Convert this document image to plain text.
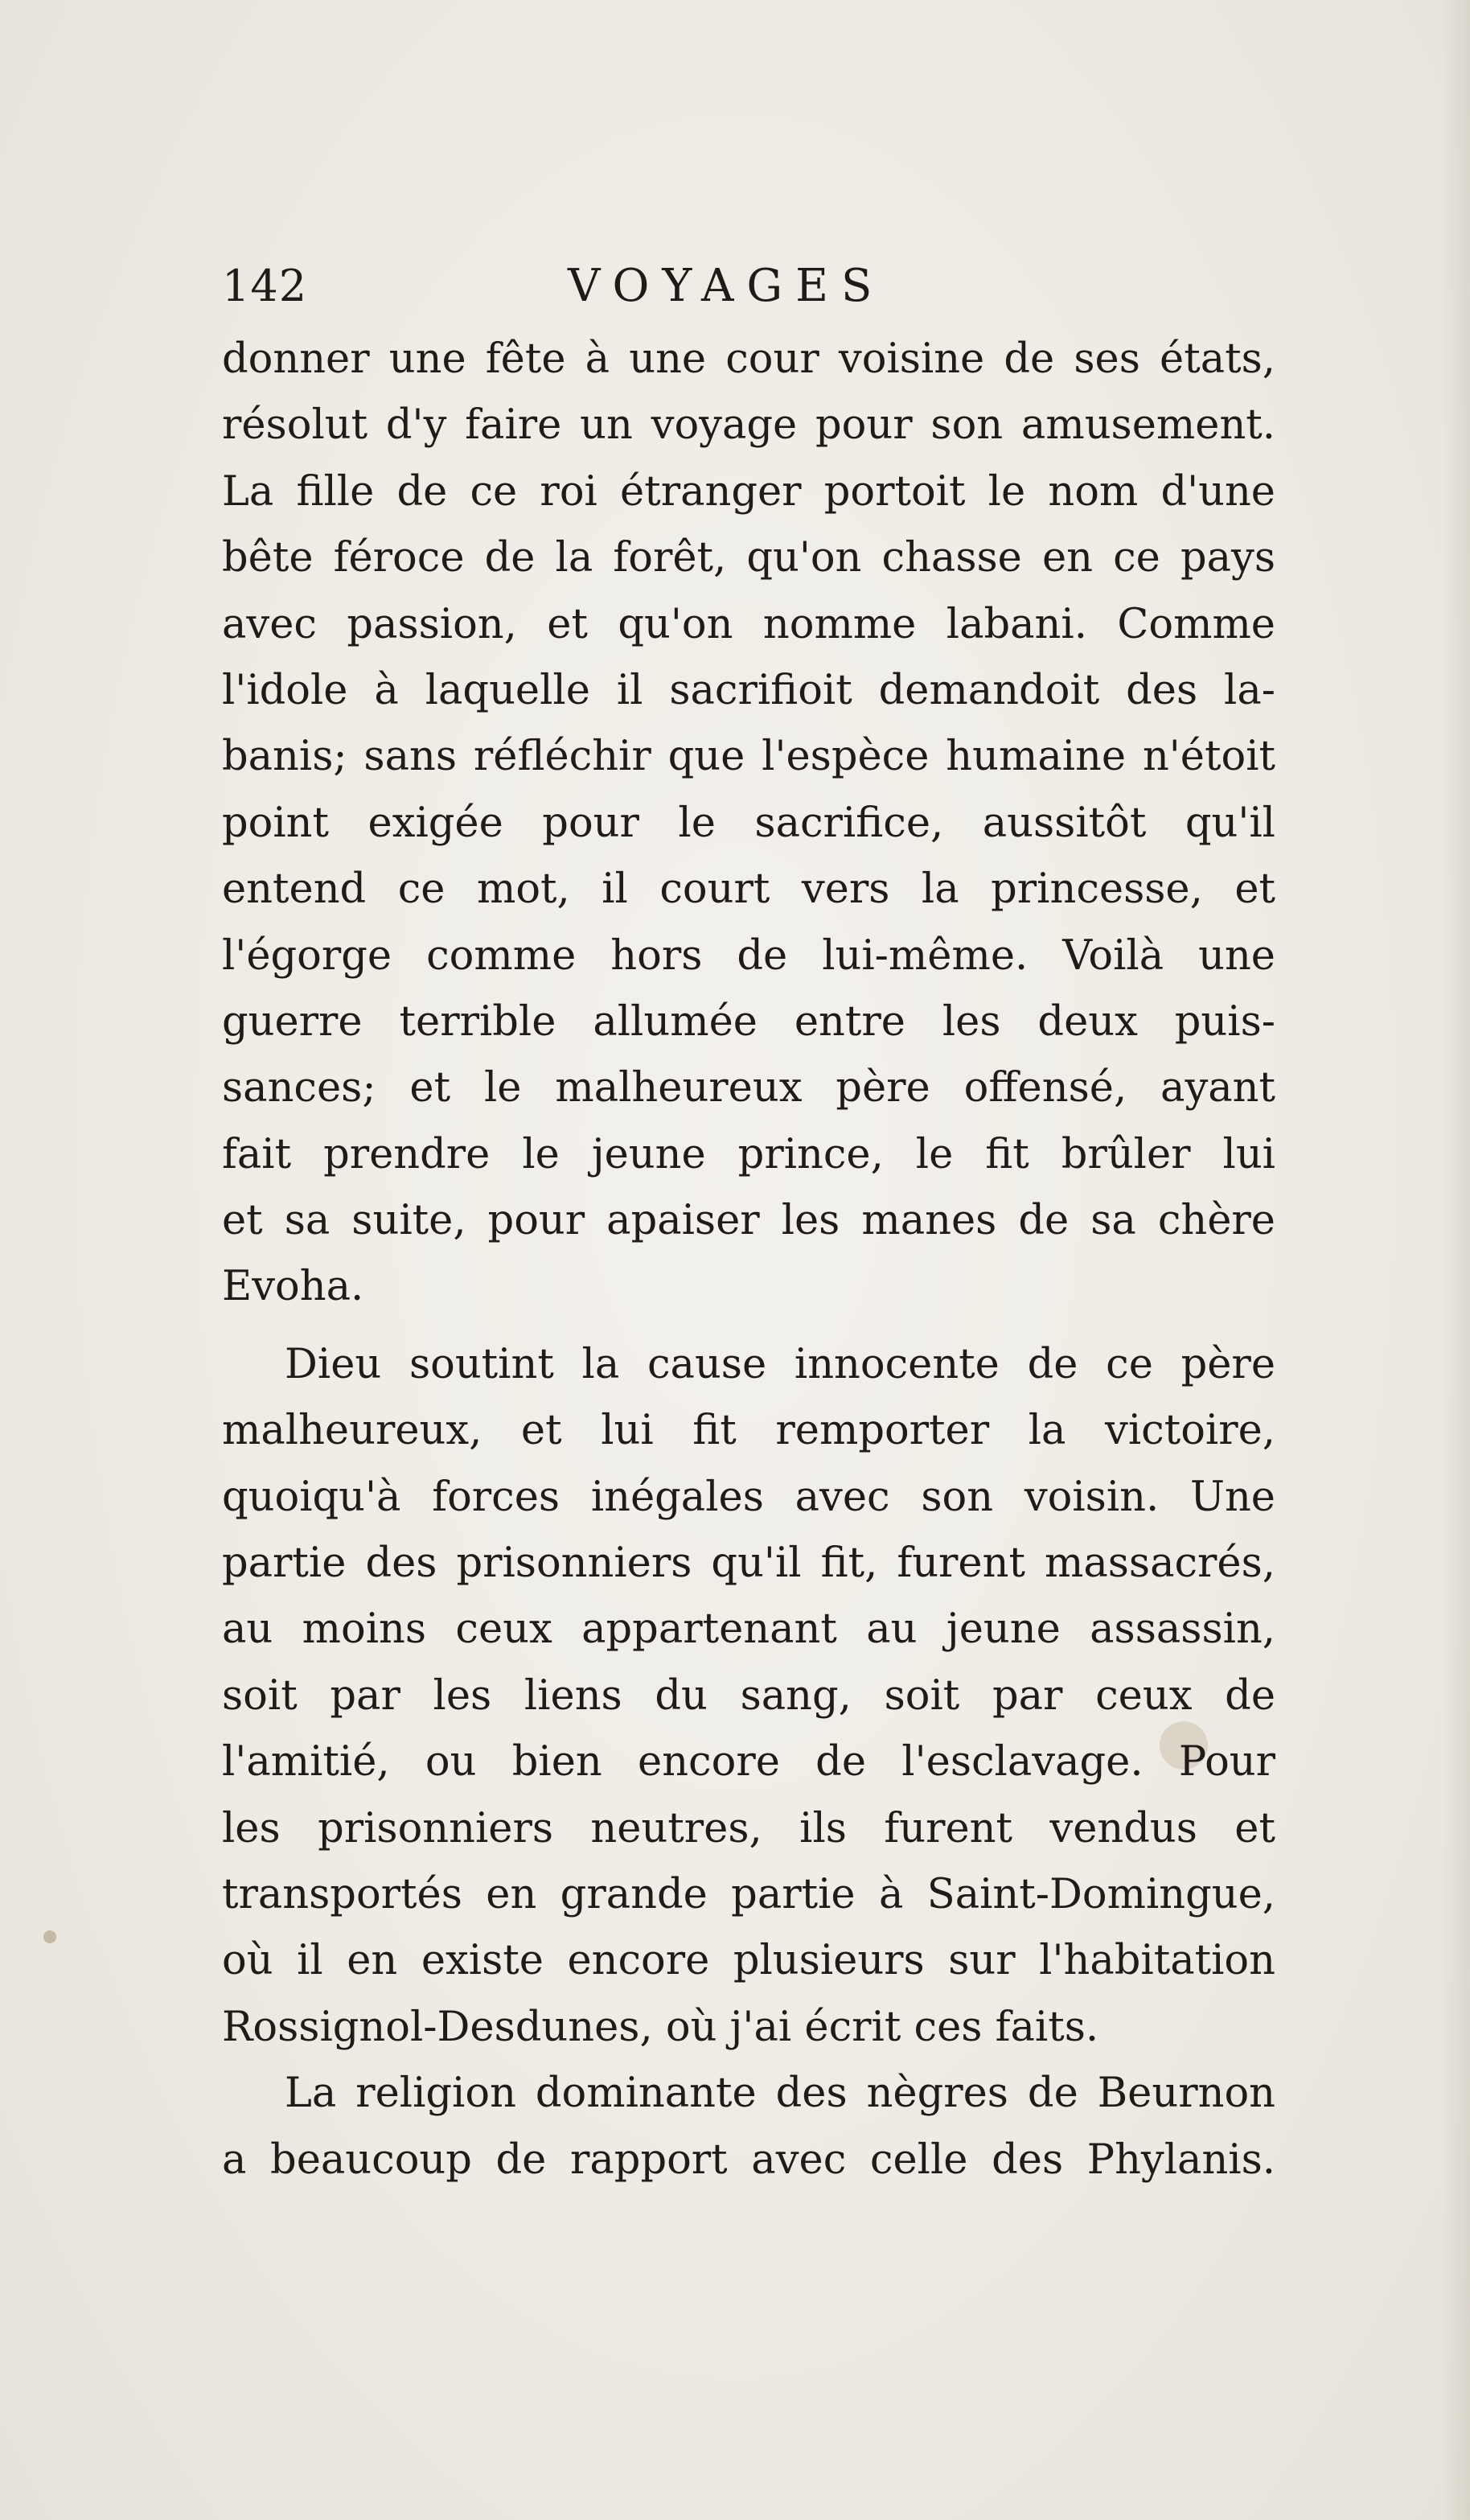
142	VOYAGES
donner une fête à une cour voisine de ses états,
résolut d'y faire un voyage pour son amusement.
La fille de ce roi étranger portoit le nom d'une
bête féroce de la forêt, qu'on chasse en ce pays
avec passion, et qu'on nomme labani. Comme
l'idole à laquelle il sacrifioit demandoit des la-
banis; sans réfléchir que l'espèce humaine n'étoit
point exigée pour le sacrifice, aussitôt qu'il
entend ce mot, il court vers la princesse, et
l'égorge comme hors de lui-même. Voilà une
guerre terrible allumée entre les deux puis-
sances; et le malheureux père offensé, ayant
fait prendre le jeune prince, le fit brûler lui
et sa suite, pour apaiser les manes de sa chère
Evoha.
Dieu soutint la cause innocente de ce père
malheureux, et lui fit remporter la victoire,
quoiqu'à forces inégales avec son voisin. Une
partie des prisonniers qu'il fit, furent massacrés,
au moins ceux appartenant au jeune assassin,
soit par les liens du sang, soit par ceux de
l'amitié, ou bien encore de l'esclavage. Pour
les prisonniers neutres, ils furent vendus et
transportés en grande partie à Saint-Domingue,
où il en existe encore plusieurs sur l'habitation
Rossignol-Desdunes, où j'ai écrit ces faits.
La religion dominante des nègres de Beurnon
a beaucoup de rapport avec celle des Phylanis.
